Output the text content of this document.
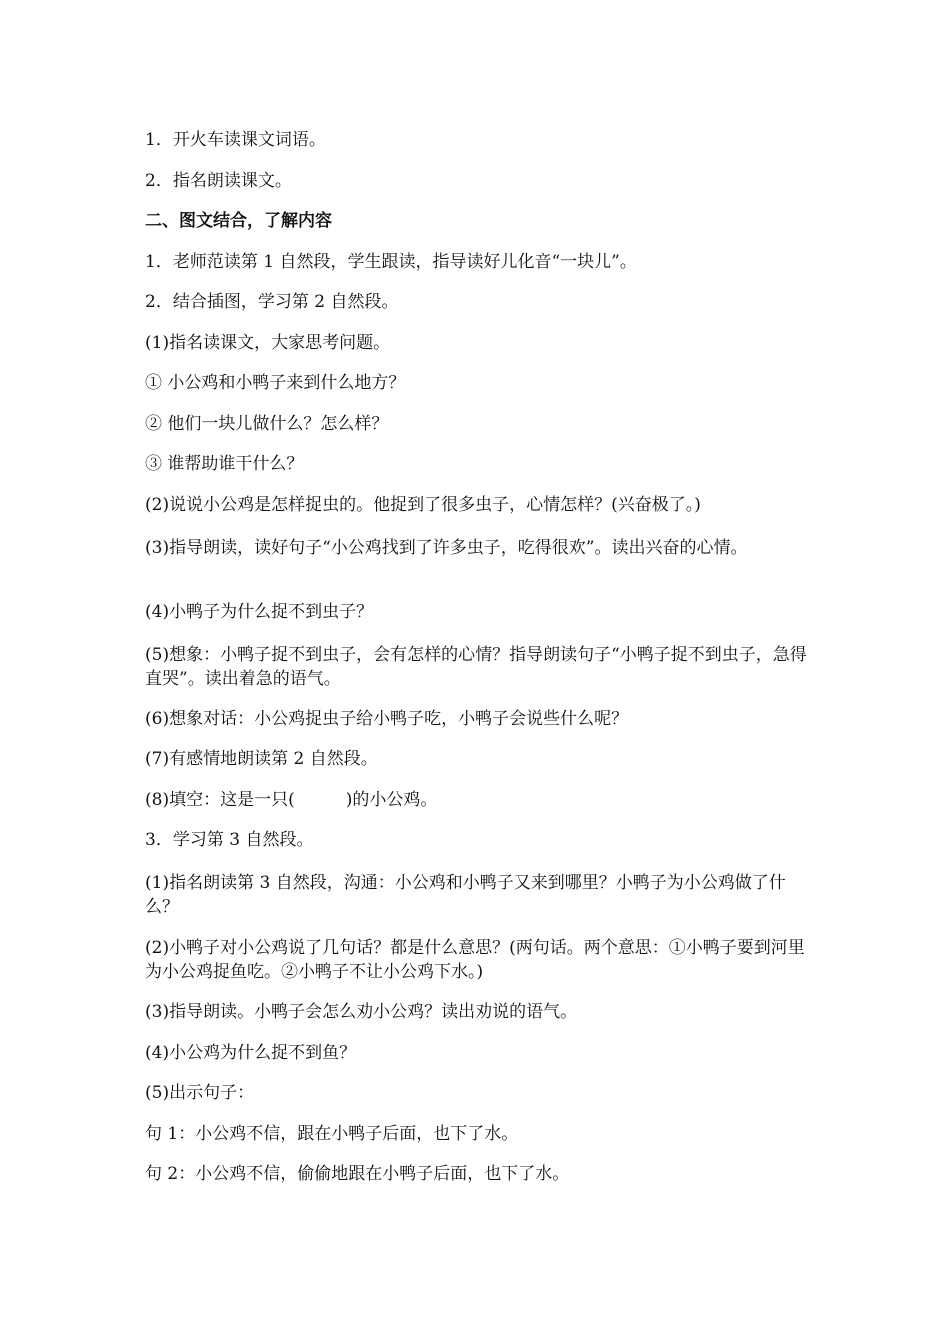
1．开火车读课文词语。
2．指名朗读课文。
二、图文结合，了解内容
1．老师范读第 1 自然段，学生跟读，指导读好儿化音“一块儿”。
2．结合插图，学习第 2 自然段。
(1)指名读课文，大家思考问题。
① 小公鸡和小鸭子来到什么地方？
② 他们一块儿做什么？怎么样？
③ 谁帮助谁干什么？
(2)说说小公鸡是怎样捉虫的。他捉到了很多虫子，心情怎样？(兴奋极了。)
(3)指导朗读，读好句子“小公鸡找到了许多虫子，吃得很欢”。读出兴奋的心情。
(4)小鸭子为什么捉不到虫子？
(5)想象：小鸭子捉不到虫子，会有怎样的心情？指导朗读句子“小鸭子捉不到虫子，急得直哭”。读出着急的语气。
(6)想象对话：小公鸡捉虫子给小鸭子吃，小鸭子会说些什么呢？
(7)有感情地朗读第 2 自然段。
(8)填空：这是一只(　　　)的小公鸡。
3．学习第 3 自然段。
(1)指名朗读第 3 自然段，沟通：小公鸡和小鸭子又来到哪里？小鸭子为小公鸡做了什么？
(2)小鸭子对小公鸡说了几句话？都是什么意思？(两句话。两个意思：①小鸭子要到河里为小公鸡捉鱼吃。②小鸭子不让小公鸡下水。)
(3)指导朗读。小鸭子会怎么劝小公鸡？读出劝说的语气。
(4)小公鸡为什么捉不到鱼？
(5)出示句子：
句 1：小公鸡不信，跟在小鸭子后面，也下了水。
句 2：小公鸡不信，偷偷地跟在小鸭子后面，也下了水。
